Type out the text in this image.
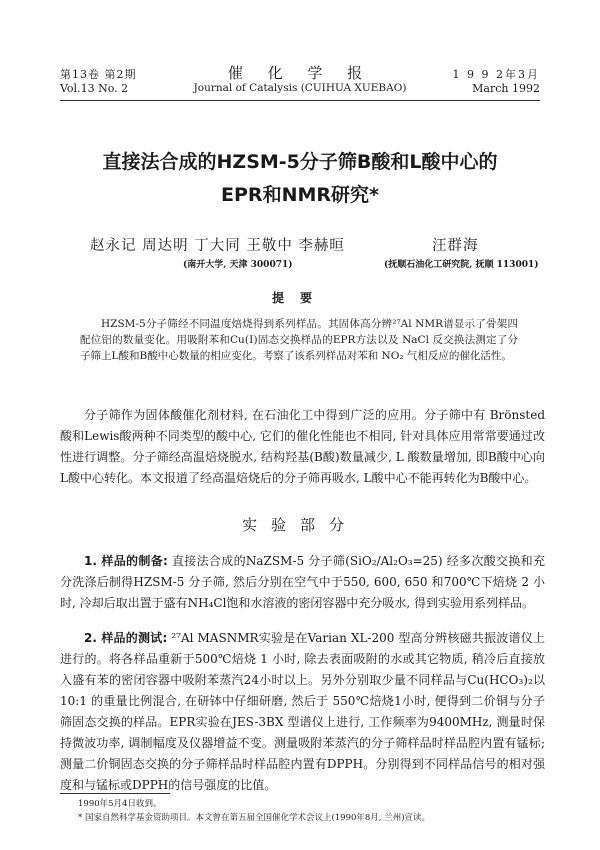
第13卷 第2期
Vol.13 No. 2
催 化 学 报
Journal of Catalysis (CUIHUA XUEBAO)
1 9 9 2年3月
March 1992
直接法合成的HZSM-5分子筛B酸和L酸中心的
EPR和NMR研究*
赵永记 周达明 丁大同 王敬中 李赫晅	汪群海
(南开大学, 天津 300071)	(抚顺石油化工研究院, 抚顺 113001)
提要
HZSM-5分子筛经不同温度焙烧得到系列样品。其固体高分辨²⁷Al NMR谱显示了骨架四配位铝的数量变化。用吸附苯和Cu(Ⅰ)固态交换样品的EPR方法以及 NaCl 反交换法测定了分子筛上L酸和B酸中心数量的相应变化。考察了该系列样品对苯和 NO₂ 气相反应的催化活性。
分子筛作为固体酸催化剂材料, 在石油化工中得到广泛的应用。分子筛中有 Brönsted 酸和Lewis酸两种不同类型的酸中心, 它们的催化性能也不相同, 针对具体应用常常要通过改性进行调整。分子筛经高温焙烧脱水, 结构羟基(B酸)数量减少, L 酸数量增加, 即B酸中心向L酸中心转化。本文报道了经高温焙烧后的分子筛再吸水, L酸中心不能再转化为B酸中心。
实验部分
1. 样品的制备: 直接法合成的NaZSM-5 分子筛(SiO₂/Al₂O₃=25) 经多次酸交换和充分洗涤后制得HZSM-5 分子筛, 然后分别在空气中于550, 600, 650 和700℃下焙烧 2 小时, 冷却后取出置于盛有NH₄Cl饱和水溶液的密闭容器中充分吸水, 得到实验用系列样品。
2. 样品的测试: ²⁷Al MASNMR实验是在Varian XL-200 型高分辨核磁共振波谱仪上进行的。将各样品重新于500℃焙烧 1 小时, 除去表面吸附的水或其它物质, 稍冷后直接放入盛有苯的密闭容器中吸附苯蒸汽24小时以上。另外分别取少量不同样品与Cu(HCO₃)₂以10:1 的重量比例混合, 在研钵中仔细研磨, 然后于 550℃焙烧1小时, 便得到二价铜与分子筛固态交换的样品。EPR实验在JES-3BX 型谱仪上进行, 工作频率为9400MHz, 测量时保持微波功率, 调制幅度及仪器增益不变。测量吸附苯蒸汽的分子筛样品时样品腔内置有锰标; 测量二价铜固态交换的分子筛样品时样品腔内置有DPPH。分别得到不同样品信号的相对强度和与锰标或DPPH的信号强度的比值。
1990年5月4日收到。
* 国家自然科学基金资助项目。本文曾在第五届全国催化学术会议上(1990年8月, 兰州)宣读。
